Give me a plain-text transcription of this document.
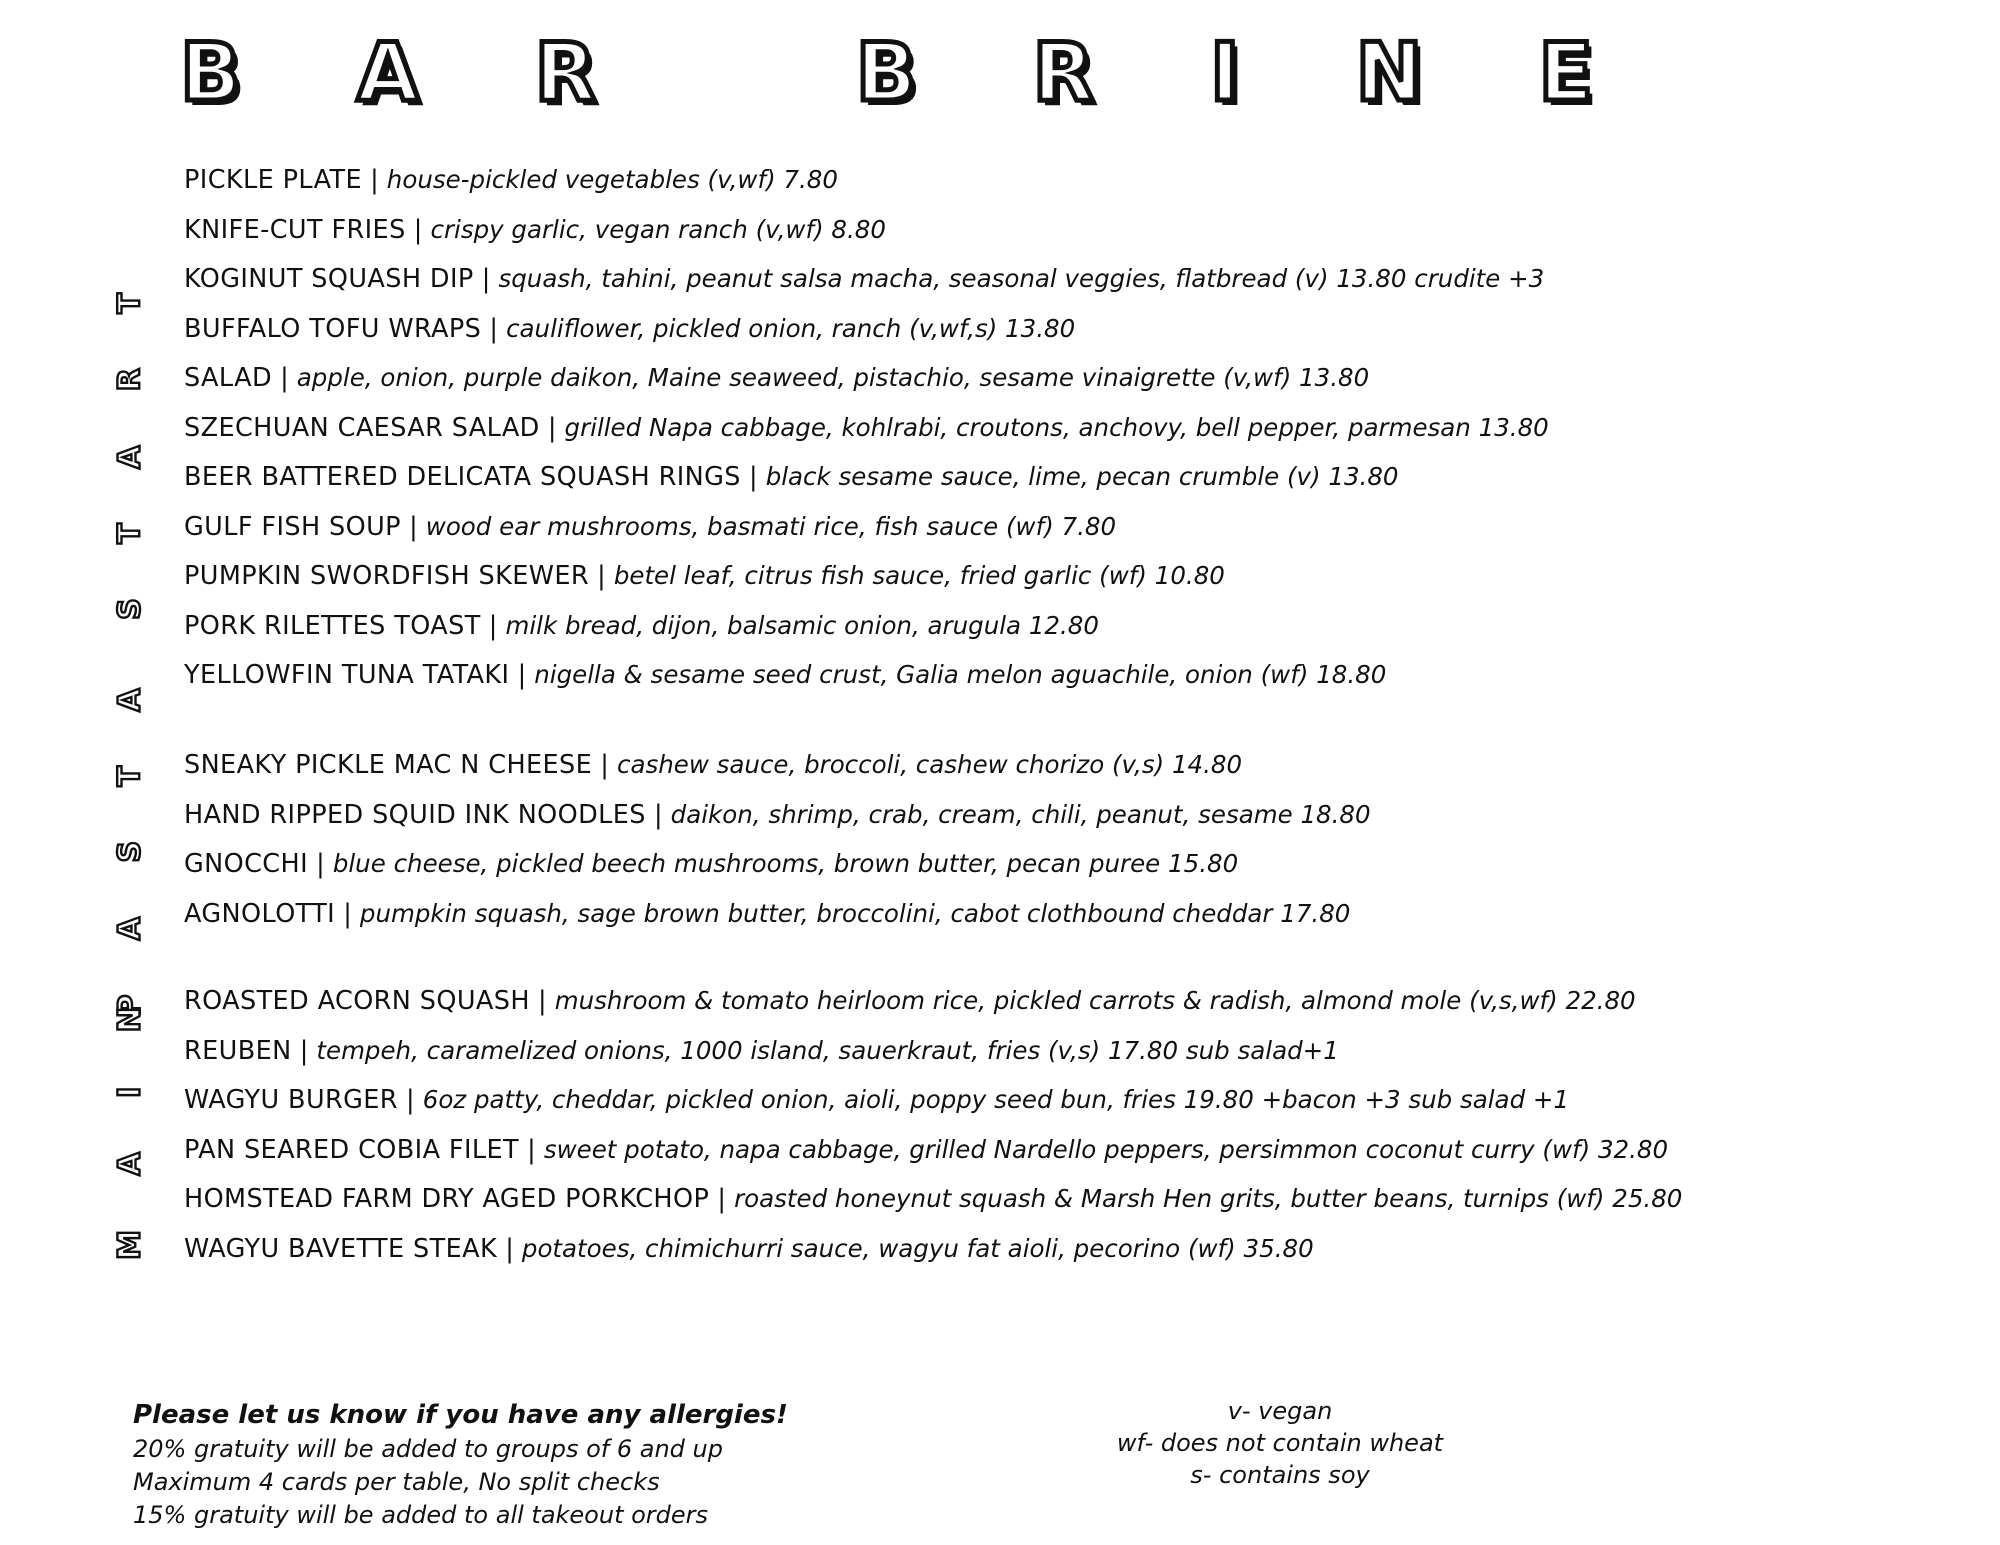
B A R   B R I N E
S T A R T
P A S T A
M A I N
PICKLE PLATE | house-pickled vegetables (v,wf) 7.80
KNIFE-CUT FRIES | crispy garlic, vegan ranch (v,wf) 8.80
KOGINUT SQUASH DIP | squash, tahini, peanut salsa macha, seasonal veggies, flatbread (v) 13.80 crudite +3
BUFFALO TOFU WRAPS | cauliflower, pickled onion, ranch (v,wf,s) 13.80
SALAD | apple, onion, purple daikon, Maine seaweed, pistachio, sesame vinaigrette (v,wf) 13.80
SZECHUAN CAESAR SALAD | grilled Napa cabbage, kohlrabi, croutons, anchovy, bell pepper, parmesan 13.80
BEER BATTERED DELICATA SQUASH RINGS | black sesame sauce, lime, pecan crumble (v) 13.80
GULF FISH SOUP | wood ear mushrooms, basmati rice, fish sauce (wf) 7.80
PUMPKIN SWORDFISH SKEWER | betel leaf, citrus fish sauce, fried garlic (wf) 10.80
PORK RILETTES TOAST | milk bread, dijon, balsamic onion, arugula 12.80
YELLOWFIN TUNA TATAKI | nigella & sesame seed crust, Galia melon aguachile, onion (wf) 18.80
SNEAKY PICKLE MAC N CHEESE | cashew sauce, broccoli, cashew chorizo (v,s) 14.80
HAND RIPPED SQUID INK NOODLES | daikon, shrimp, crab, cream, chili, peanut, sesame 18.80
GNOCCHI | blue cheese, pickled beech mushrooms, brown butter, pecan puree 15.80
AGNOLOTTI | pumpkin squash, sage brown butter, broccolini, cabot clothbound cheddar 17.80
ROASTED ACORN SQUASH | mushroom & tomato heirloom rice, pickled carrots & radish, almond mole (v,s,wf) 22.80
REUBEN | tempeh, caramelized onions, 1000 island, sauerkraut, fries (v,s) 17.80 sub salad+1
WAGYU BURGER | 6oz patty, cheddar, pickled onion, aioli, poppy seed bun, fries 19.80 +bacon +3 sub salad +1
PAN SEARED COBIA FILET | sweet potato, napa cabbage, grilled Nardello peppers, persimmon coconut curry (wf) 32.80
HOMSTEAD FARM DRY AGED PORKCHOP | roasted honeynut squash & Marsh Hen grits, butter beans, turnips (wf) 25.80
WAGYU BAVETTE STEAK | potatoes, chimichurri sauce, wagyu fat aioli, pecorino (wf) 35.80
Please let us know if you have any allergies!
20% gratuity will be added to groups of 6 and up
Maximum 4 cards per table, No split checks
15% gratuity will be added to all takeout orders
v- vegan
wf- does not contain wheat
s- contains soy
